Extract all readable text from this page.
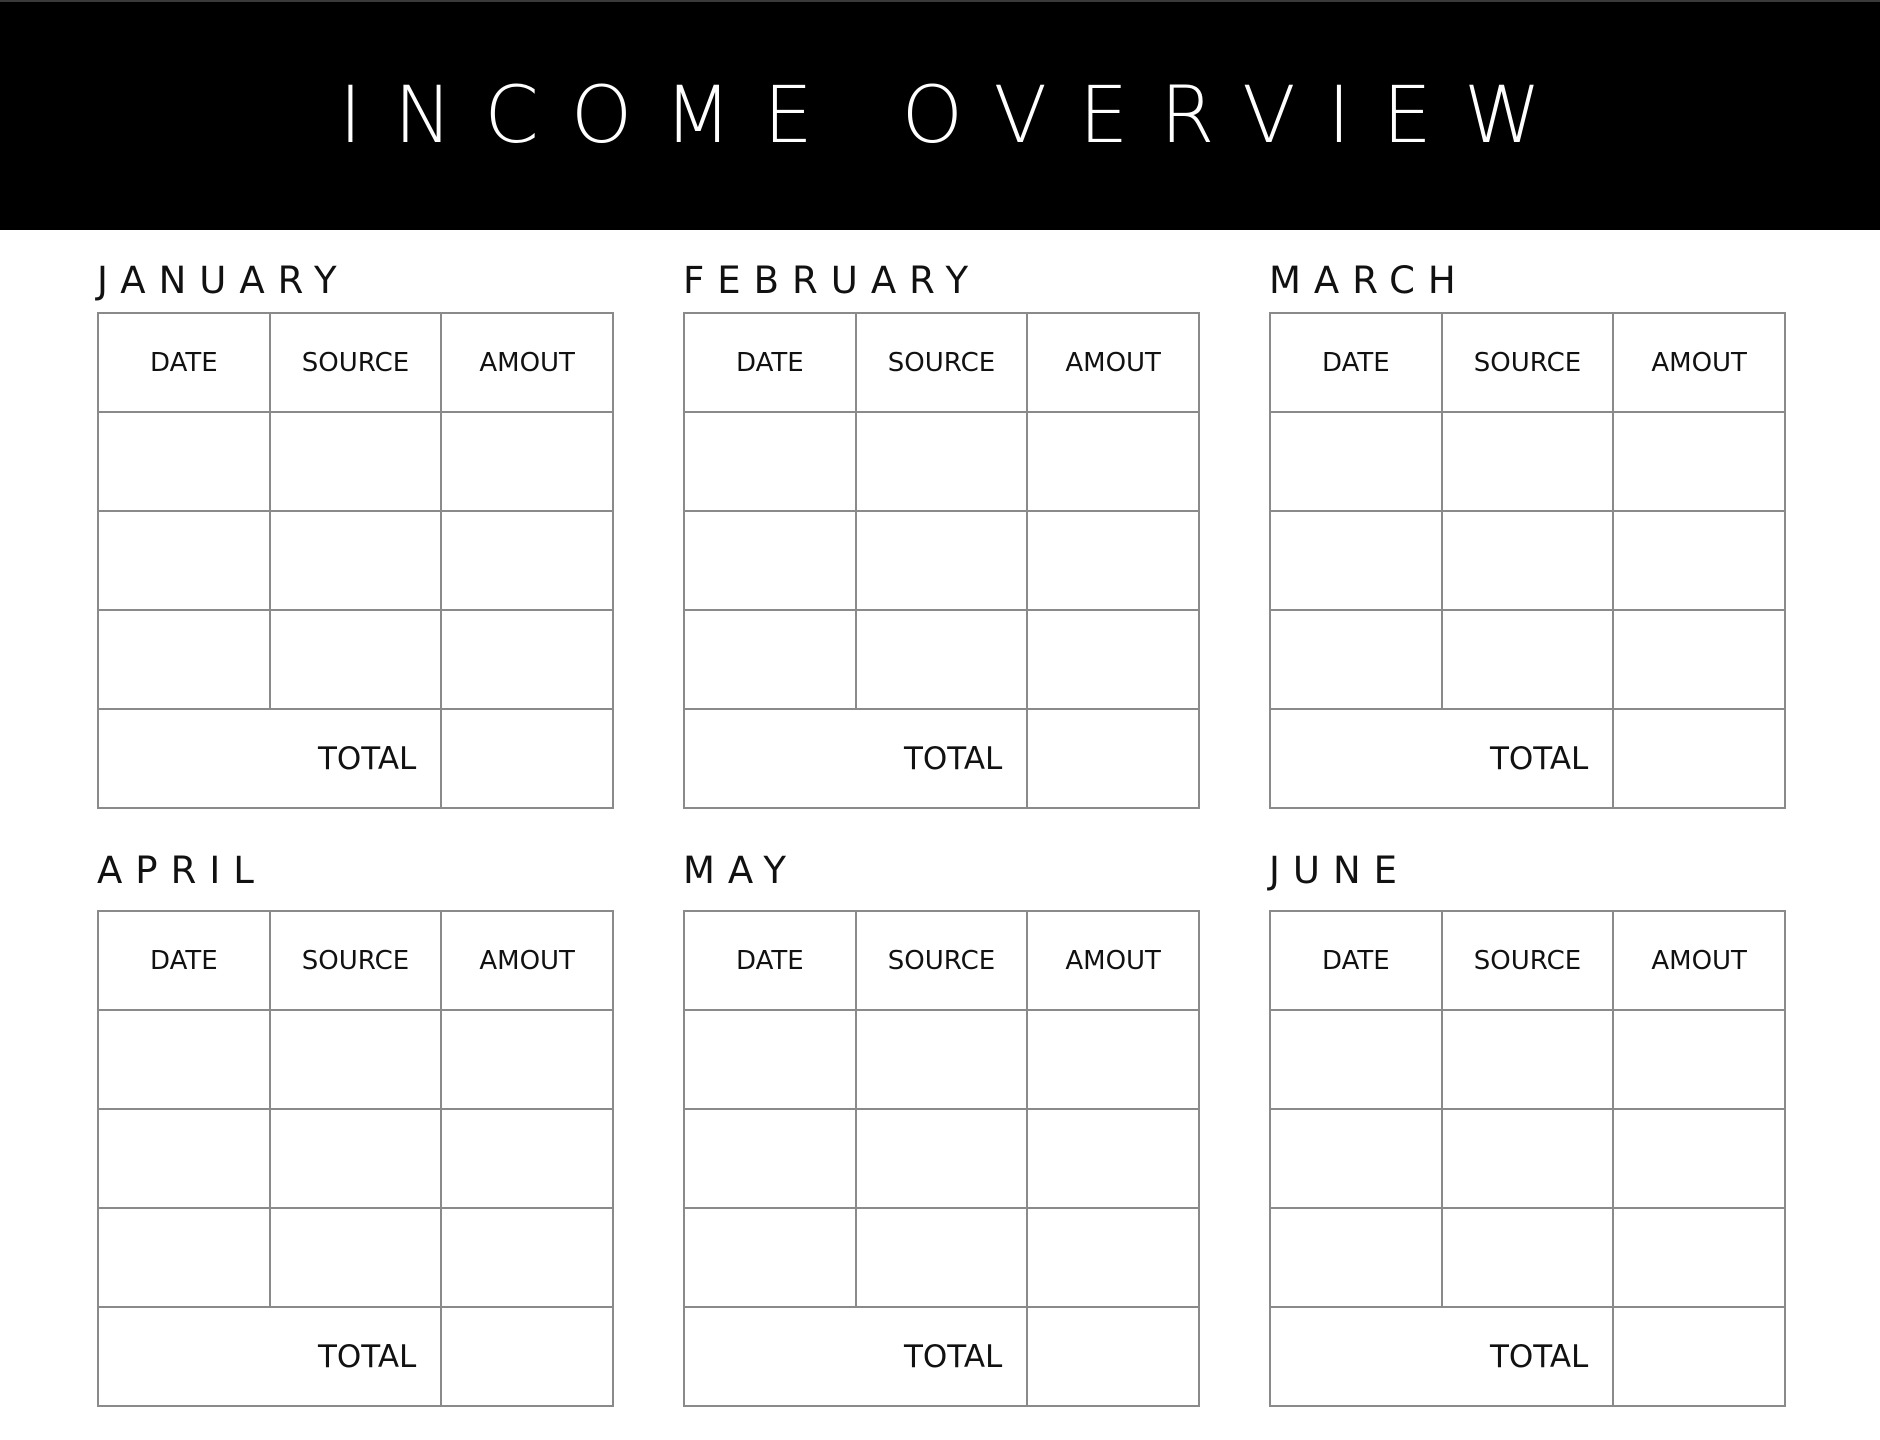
INCOME OVERVIEW
JANUARY
DATE	SOURCE	AMOUT

TOTAL		
FEBRUARY
DATE	SOURCE	AMOUT

TOTAL		
MARCH
DATE	SOURCE	AMOUT

TOTAL		
APRIL
DATE	SOURCE	AMOUT

TOTAL		
MAY
DATE	SOURCE	AMOUT

TOTAL		
JUNE
DATE	SOURCE	AMOUT

TOTAL		
